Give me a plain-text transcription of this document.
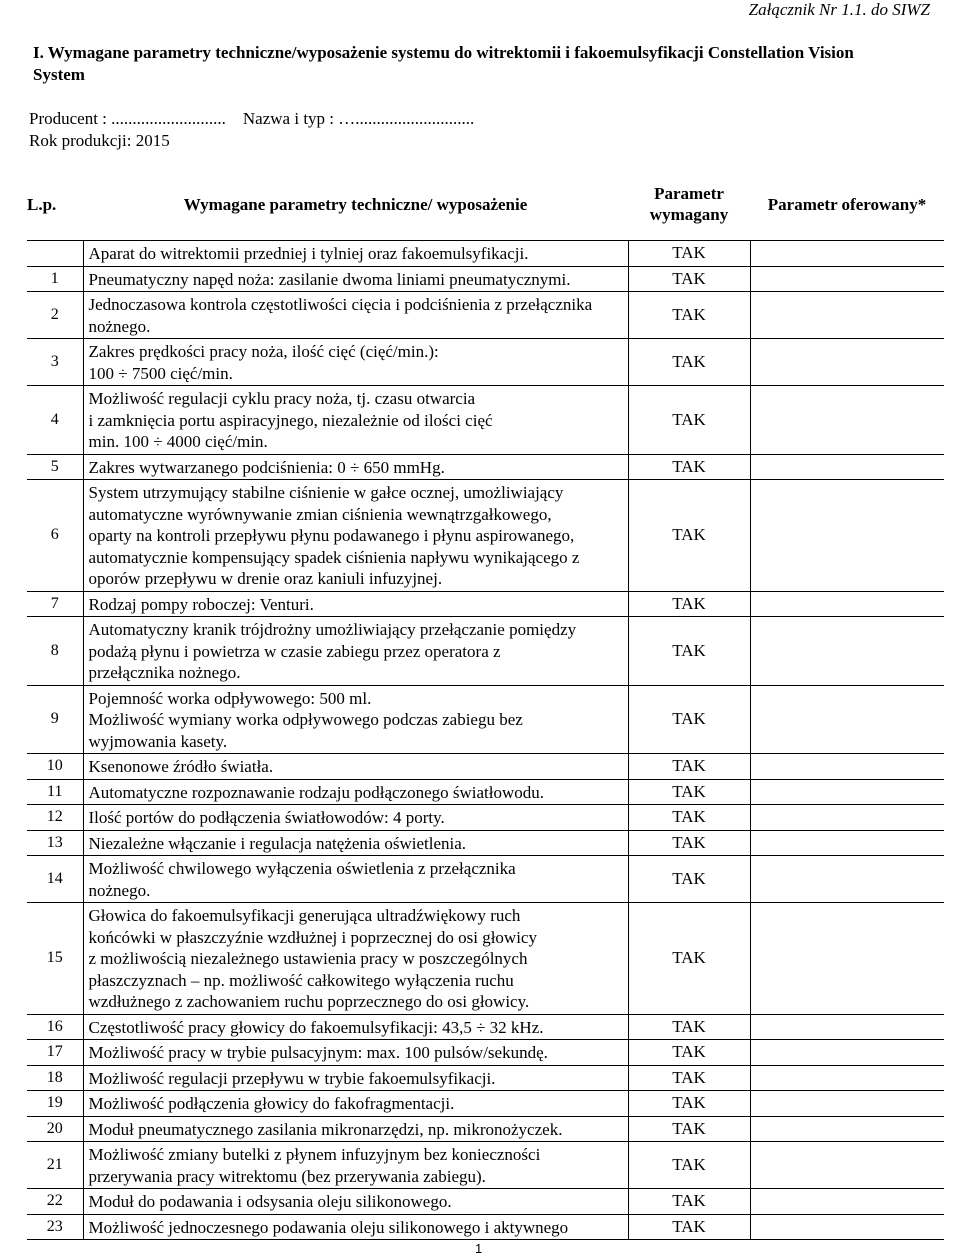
Załącznik Nr 1.1. do SIWZ
I. Wymagane parametry techniczne/wyposażenie systemu do witrektomii i fakoemulsyfikacji Constellation Vision System
Producent : ........................... Nazwa i typ : …............................
Rok produkcji: 2015
L.p.	Wymagane parametry techniczne/ wyposażenie	Parametr wymagany	Parametr oferowany*
	Aparat do witrektomii przedniej i tylniej oraz fakoemulsyfikacji.	TAK	
1	Pneumatyczny napęd noża: zasilanie dwoma liniami pneumatycznymi.	TAK	
2	Jednoczasowa kontrola częstotliwości cięcia i podciśnienia z przełącznika nożnego.	TAK	
3	Zakres prędkości pracy noża, ilość cięć (cięć/min.):
100 ÷ 7500 cięć/min.	TAK	
4	Możliwość regulacji cyklu pracy noża, tj. czasu otwarcia
i zamknięcia portu aspiracyjnego, niezależnie od ilości cięć
min. 100 ÷ 4000 cięć/min.	TAK	
5	Zakres wytwarzanego podciśnienia: 0 ÷ 650 mmHg.	TAK	
6	System utrzymujący stabilne ciśnienie w gałce ocznej, umożliwiający
automatyczne wyrównywanie zmian ciśnienia wewnątrzgałkowego,
oparty na kontroli przepływu płynu podawanego i płynu aspirowanego,
automatycznie kompensujący spadek ciśnienia napływu wynikającego z
oporów przepływu w drenie oraz kaniuli infuzyjnej.	TAK	
7	Rodzaj pompy roboczej: Venturi.	TAK	
8	Automatyczny kranik trójdrożny umożliwiający przełączanie pomiędzy
podażą płynu i powietrza w czasie zabiegu przez operatora z
przełącznika nożnego.	TAK	
9	Pojemność worka odpływowego: 500 ml.
Możliwość wymiany worka odpływowego podczas zabiegu bez
wyjmowania kasety.	TAK	
10	Ksenonowe źródło światła.	TAK	
11	Automatyczne rozpoznawanie rodzaju podłączonego światłowodu.	TAK	
12	Ilość portów do podłączenia światłowodów: 4 porty.	TAK	
13	Niezależne włączanie i regulacja natężenia oświetlenia.	TAK	
14	Możliwość chwilowego wyłączenia oświetlenia z przełącznika
nożnego.	TAK	
15	Głowica do fakoemulsyfikacji generująca ultradźwiękowy ruch
końcówki w płaszczyźnie wzdłużnej i poprzecznej do osi głowicy
z możliwością niezależnego ustawienia pracy w poszczególnych
płaszczyznach – np. możliwość całkowitego wyłączenia ruchu
wzdłużnego z zachowaniem ruchu poprzecznego do osi głowicy.	TAK	
16	Częstotliwość pracy głowicy do fakoemulsyfikacji: 43,5 ÷ 32 kHz.	TAK	
17	Możliwość pracy w trybie pulsacyjnym: max. 100 pulsów/sekundę.	TAK	
18	Możliwość regulacji przepływu w trybie fakoemulsyfikacji.	TAK	
19	Możliwość podłączenia głowicy do fakofragmentacji.	TAK	
20	Moduł pneumatycznego zasilania mikronarzędzi, np. mikronożyczek.	TAK	
21	Możliwość zmiany butelki z płynem infuzyjnym bez konieczności
przerywania pracy witrektomu (bez przerywania zabiegu).	TAK	
22	Moduł do podawania i odsysania oleju silikonowego.	TAK	
23	Możliwość jednoczesnego podawania oleju silikonowego i aktywnego	TAK	
1
